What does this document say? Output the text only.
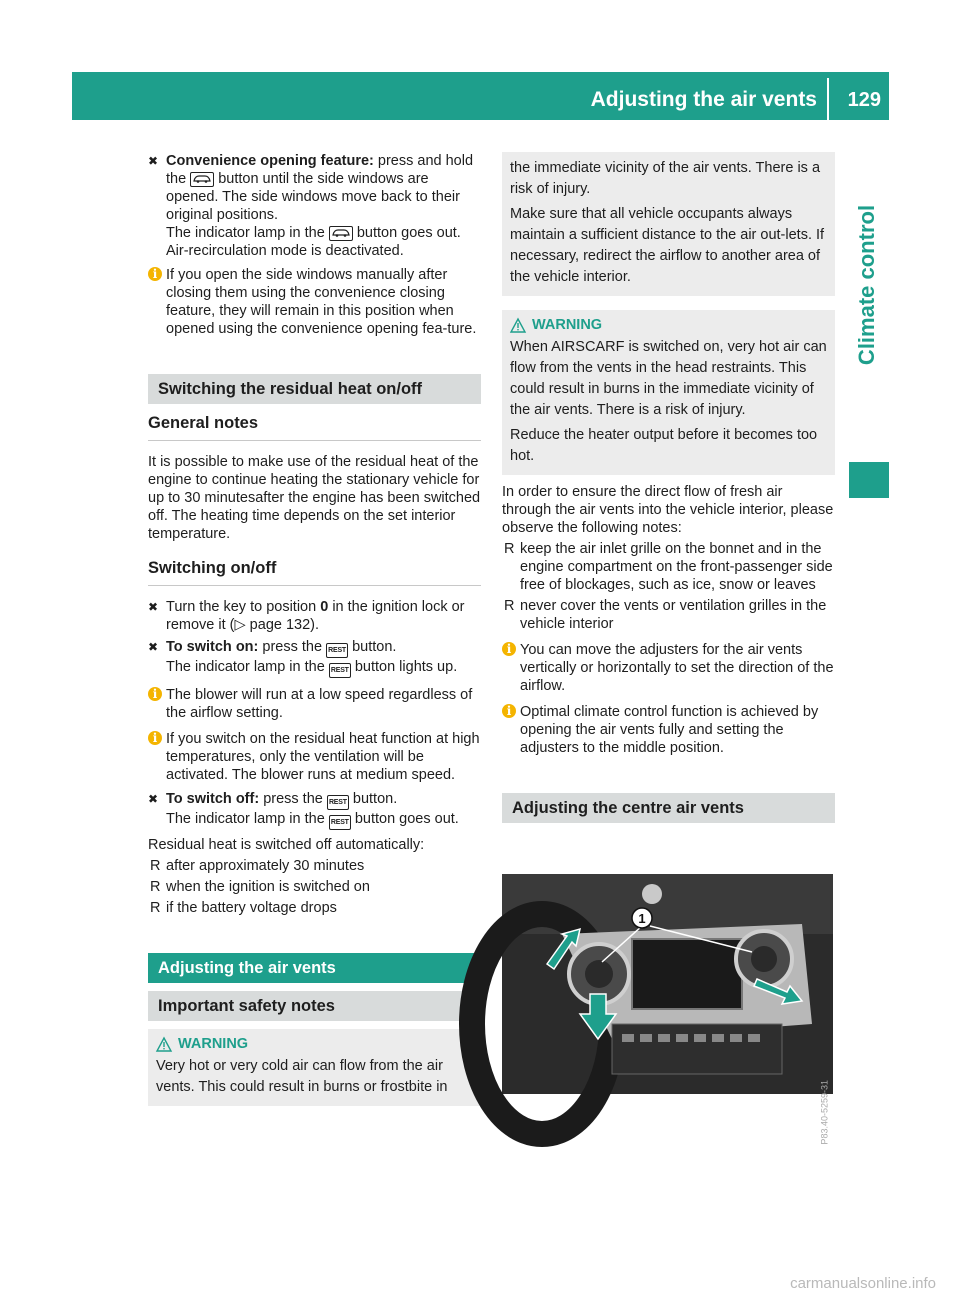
Adjusting the air vents 129
Climate control
✖ Convenience opening feature: press and hold the  button until the side windows are opened. The side windows move back to their original positions.
The indicator lamp in the  button goes out. Air-recirculation mode is deactivated.
i If you open the side windows manually after closing them using the convenience closing feature, they will remain in this position when opened using the convenience opening fea-ture.
Switching the residual heat on/off
General notes

It is possible to make use of the residual heat of the engine to continue heating the stationary vehicle for up to 30 minutesafter the engine has been switched off. The heating time depends on the set interior temperature.

Switching on/off
✖ Turn the key to position 0 in the ignition lock or remove it (▷ page 132).
✖ To switch on: press the REST button.
The indicator lamp in the REST button lights up.
i The blower will run at a low speed regardless of the airflow setting.
i If you switch on the residual heat function at high temperatures, only the ventilation will be activated. The blower runs at medium speed.
✖ To switch off: press the REST button.
The indicator lamp in the REST button goes out.

Residual heat is switched off automatically:

R after approximately 30 minutes
R when the ignition is switched on
R if the battery voltage drops
Adjusting the air vents
Important safety notes
WARNING

Very hot or very cold air can flow from the air vents. This could result in burns or frostbite in

the immediate vicinity of the air vents. There is a risk of injury.

Make sure that all vehicle occupants always maintain a sufficient distance to the air out-lets. If necessary, redirect the airflow to another area of the vehicle interior.

WARNING

When AIRSCARF is switched on, very hot air can flow from the vents in the head restraints. This could result in burns in the immediate vicinity of the air vents. There is a risk of injury.

Reduce the heater output before it becomes too hot.

In order to ensure the direct flow of fresh air through the air vents into the vehicle interior, please observe the following notes:

R keep the air inlet grille on the bonnet and in the engine compartment on the front-passenger side free of blockages, such as ice, snow or leaves
R never cover the vents or ventilation grilles in the vehicle interior
i You can move the adjusters for the air vents vertically or horizontally to set the direction of the airflow.
i Optimal climate control function is achieved by opening the air vents fully and setting the adjusters to the middle position.
Adjusting the centre air vents
1
P83.40-5259-31
carmanualsonline.info
